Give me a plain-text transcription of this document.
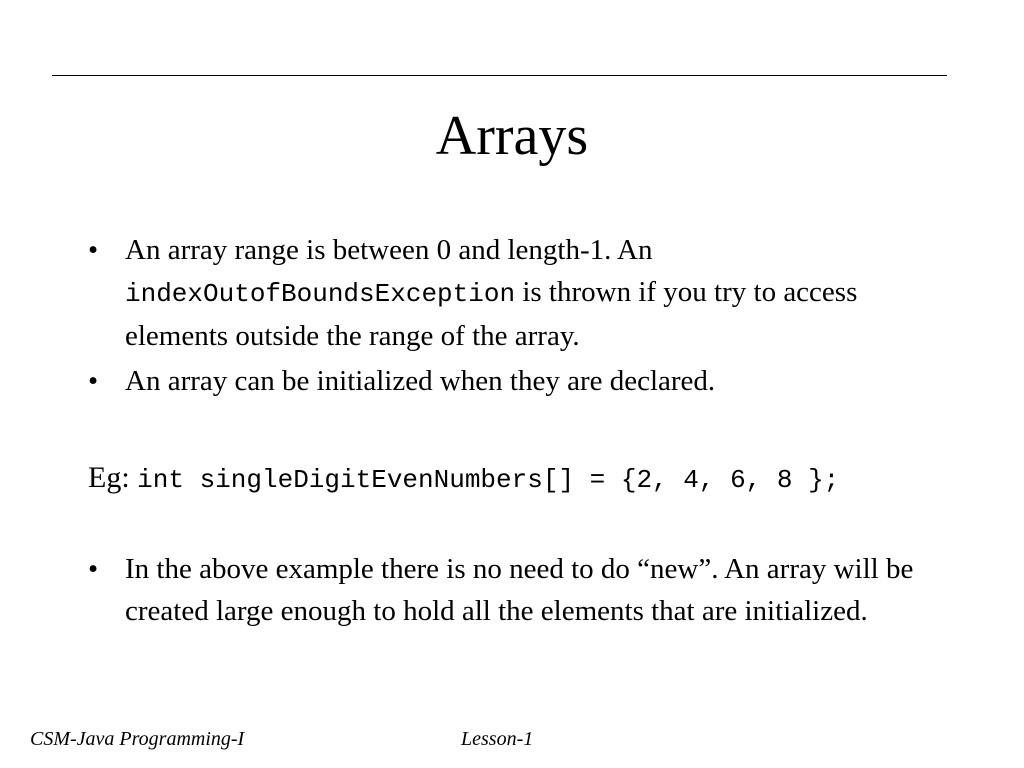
Arrays
• An array range is between 0 and length-1. An
indexOutofBoundsException is thrown if you try to access elements outside the range of the array.
• An array can be initialized when they are declared.
Eg: int singleDigitEvenNumbers[] = {2, 4, 6, 8 };
• In the above example there is no need to do “new”. An array will be created large enough to hold all the elements that are initialized.
CSM-Java Programming-I	Lesson-1
